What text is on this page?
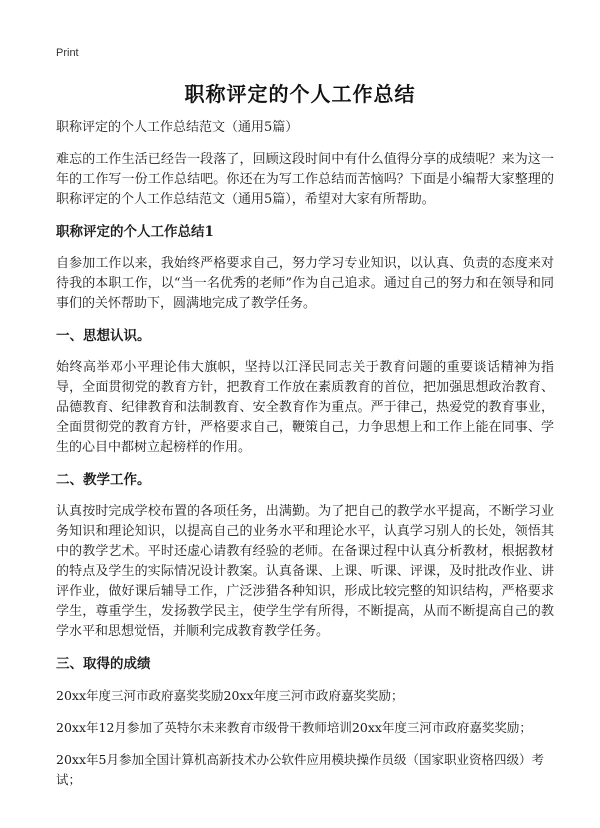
Print
职称评定的个人工作总结

职称评定的个人工作总结范文（通用5篇）

难忘的工作生活已经告一段落了，回顾这段时间中有什么值得分享的成绩呢？来为这一年的工作写一份工作总结吧。你还在为写工作总结而苦恼吗？下面是小编帮大家整理的职称评定的个人工作总结范文（通用5篇），希望对大家有所帮助。

职称评定的个人工作总结1

自参加工作以来，我始终严格要求自己，努力学习专业知识，以认真、负责的态度来对待我的本职工作，以“当一名优秀的老师”作为自己追求。通过自己的努力和在领导和同事们的关怀帮助下，圆满地完成了教学任务。

一、思想认识。

始终高举邓小平理论伟大旗帜，坚持以江泽民同志关于教育问题的重要谈话精神为指导，全面贯彻党的教育方针，把教育工作放在素质教育的首位，把加强思想政治教育、品德教育、纪律教育和法制教育、安全教育作为重点。严于律己，热爱党的教育事业，全面贯彻党的教育方针，严格要求自己，鞭策自己，力争思想上和工作上能在同事、学生的心目中都树立起榜样的作用。

二、教学工作。

认真按时完成学校布置的各项任务，出满勤。为了把自己的教学水平提高，不断学习业务知识和理论知识，以提高自己的业务水平和理论水平，认真学习别人的长处，领悟其中的教学艺术。平时还虚心请教有经验的老师。在备课过程中认真分析教材，根据教材的特点及学生的实际情况设计教案。认真备课、上课、听课、评课，及时批改作业、讲评作业，做好课后辅导工作，广泛涉猎各种知识，形成比较完整的知识结构，严格要求学生，尊重学生，发扬教学民主，使学生学有所得，不断提高，从而不断提高自己的教学水平和思想觉悟，并顺利完成教育教学任务。

三、取得的成绩

20xx年度三河市政府嘉奖奖励20xx年度三河市政府嘉奖奖励；

20xx年12月参加了英特尔未来教育市级骨干教师培训20xx年度三河市政府嘉奖奖励；

20xx年5月参加全国计算机高新技术办公软件应用模块操作员级（国家职业资格四级）考试；
